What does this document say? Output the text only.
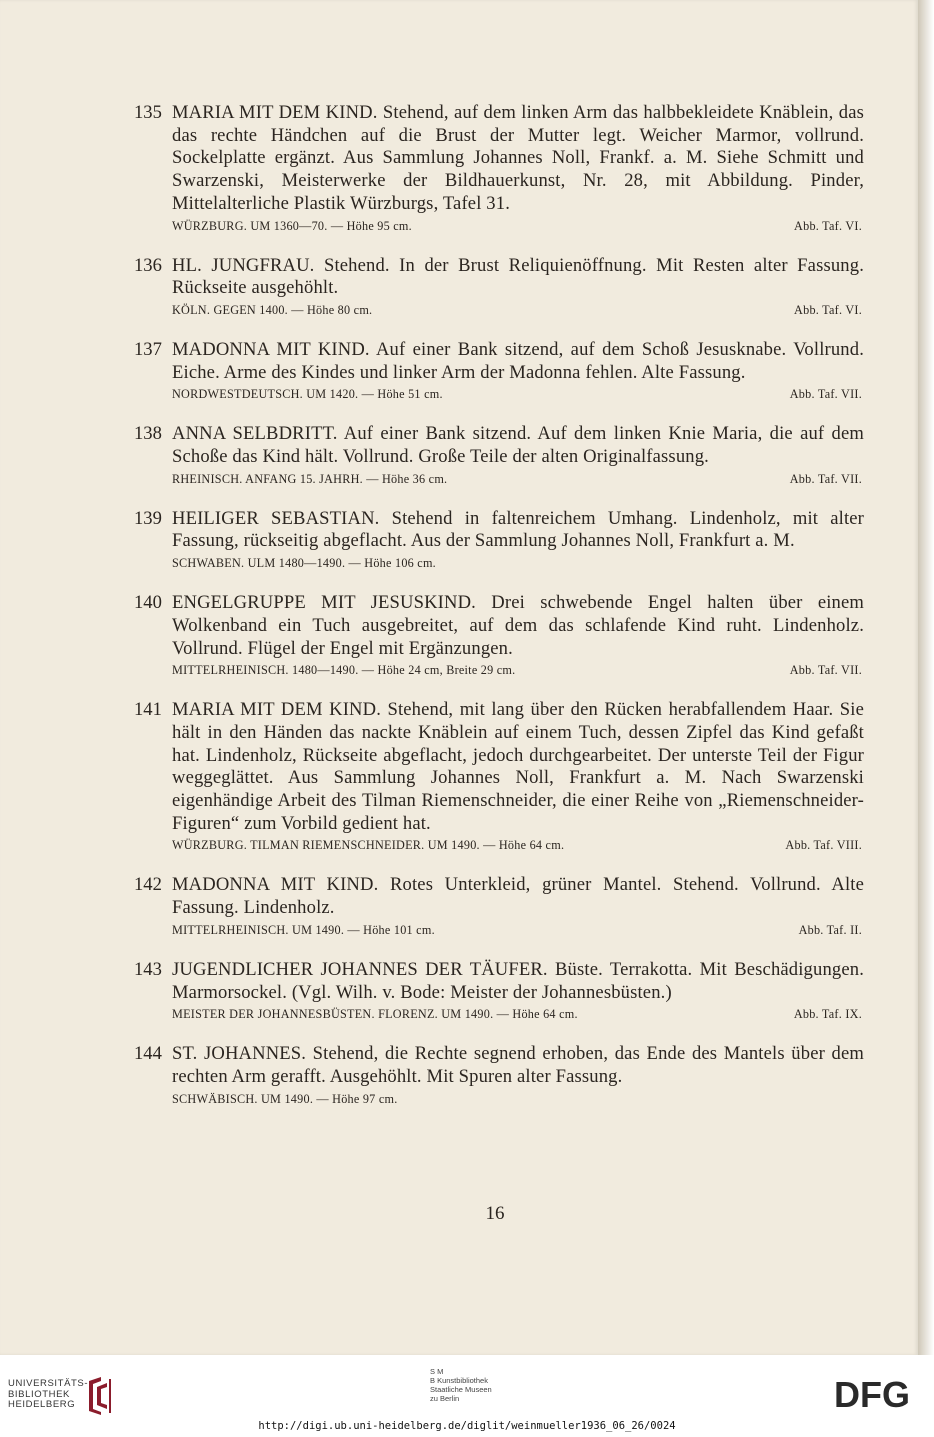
135 MARIA MIT DEM KIND. Stehend, auf dem linken Arm das halbbekleidete Knäblein, das das rechte Händchen auf die Brust der Mutter legt. Weicher Marmor, vollrund. Sockelplatte ergänzt. Aus Sammlung Johannes Noll, Frankf. a. M. Siehe Schmitt und Swarzenski, Meisterwerke der Bildhauerkunst, Nr. 28, mit Abbildung. Pinder, Mittelalterliche Plastik Würzburgs, Tafel 31.
WÜRZBURG. UM 1360—70. — Höhe 95 cm.	Abb. Taf. VI.
136 HL. JUNGFRAU. Stehend. In der Brust Reliquienöffnung. Mit Resten alter Fassung. Rückseite ausgehöhlt.
KÖLN. GEGEN 1400. — Höhe 80 cm.	Abb. Taf. VI.
137 MADONNA MIT KIND. Auf einer Bank sitzend, auf dem Schoß Jesusknabe. Vollrund. Eiche. Arme des Kindes und linker Arm der Madonna fehlen. Alte Fassung.
NORDWESTDEUTSCH. UM 1420. — Höhe 51 cm.	Abb. Taf. VII.
138 ANNA SELBDRITT. Auf einer Bank sitzend. Auf dem linken Knie Maria, die auf dem Schoße das Kind hält. Vollrund. Große Teile der alten Originalfassung.
RHEINISCH. ANFANG 15. JAHRH. — Höhe 36 cm.	Abb. Taf. VII.
139 HEILIGER SEBASTIAN. Stehend in faltenreichem Umhang. Lindenholz, mit alter Fassung, rückseitig abgeflacht. Aus der Sammlung Johannes Noll, Frankfurt a. M.
SCHWABEN. ULM 1480—1490. — Höhe 106 cm.
140 ENGELGRUPPE MIT JESUSKIND. Drei schwebende Engel halten über einem Wolkenband ein Tuch ausgebreitet, auf dem das schlafende Kind ruht. Lindenholz. Vollrund. Flügel der Engel mit Ergänzungen.
MITTELRHEINISCH. 1480—1490. — Höhe 24 cm, Breite 29 cm.	Abb. Taf. VII.
141 MARIA MIT DEM KIND. Stehend, mit lang über den Rücken herabfallendem Haar. Sie hält in den Händen das nackte Knäblein auf einem Tuch, dessen Zipfel das Kind gefaßt hat. Lindenholz, Rückseite abgeflacht, jedoch durchgearbeitet. Der unterste Teil der Figur weggeglättet. Aus Sammlung Johannes Noll, Frankfurt a. M. Nach Swarzenski eigenhändige Arbeit des Tilman Riemenschneider, die einer Reihe von „Riemenschneider-Figuren“ zum Vorbild gedient hat.
WÜRZBURG. TILMAN RIEMENSCHNEIDER. UM 1490. — Höhe 64 cm.	Abb. Taf. VIII.
142 MADONNA MIT KIND. Rotes Unterkleid, grüner Mantel. Stehend. Vollrund. Alte Fassung. Lindenholz.
MITTELRHEINISCH. UM 1490. — Höhe 101 cm.	Abb. Taf. II.
143 JUGENDLICHER JOHANNES DER TÄUFER. Büste. Terrakotta. Mit Beschädigungen. Marmorsockel. (Vgl. Wilh. v. Bode: Meister der Johannesbüsten.)
MEISTER DER JOHANNESBÜSTEN. FLORENZ. UM 1490. — Höhe 64 cm.	Abb. Taf. IX.
144 ST. JOHANNES. Stehend, die Rechte segnend erhoben, das Ende des Mantels über dem rechten Arm gerafft. Ausgehöhlt. Mit Spuren alter Fassung.
SCHWÄBISCH. UM 1490. — Höhe 97 cm.
16
UNIVERSITÄTS-
BIBLIOTHEK
HEIDELBERG
S M
B Kunstbibliothek
Staatliche Museen
zu Berlin	DFG
http://digi.ub.uni-heidelberg.de/diglit/weinmueller1936_06_26/0024
